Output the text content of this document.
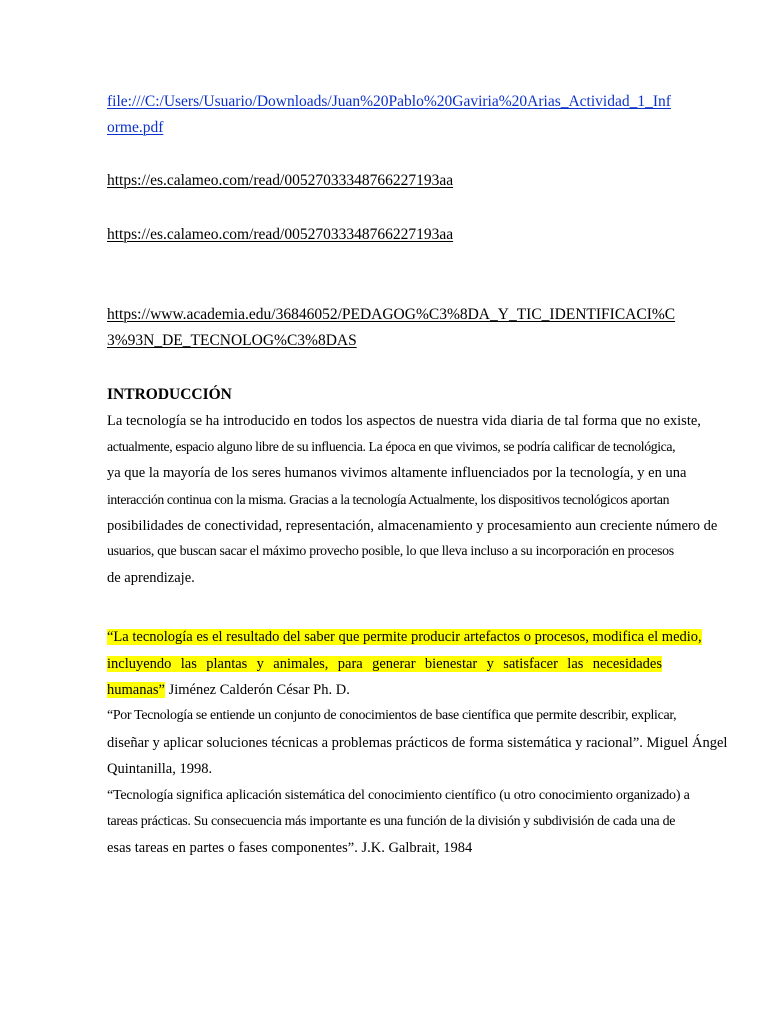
file:///C:/Users/Usuario/Downloads/Juan%20Pablo%20Gaviria%20Arias_Actividad_1_Inf
orme.pdf
https://es.calameo.com/read/00527033348766227193aa
https://es.calameo.com/read/00527033348766227193aa
https://www.academia.edu/36846052/PEDAGOG%C3%8DA_Y_TIC_IDENTIFICACI%C
3%93N_DE_TECNOLOG%C3%8DAS
INTRODUCCIÓN
La tecnología se ha introducido en todos los aspectos de nuestra vida diaria de tal forma que no existe,
actualmente, espacio alguno libre de su influencia. La época en que vivimos, se podría calificar de tecnológica,
ya que la mayoría de los seres humanos vivimos altamente influenciados por la tecnología, y en una
interacción continua con la misma. Gracias a la tecnología Actualmente, los dispositivos tecnológicos aportan
posibilidades de conectividad, representación, almacenamiento y procesamiento aun creciente número de
usuarios, que buscan sacar el máximo provecho posible, lo que lleva incluso a su incorporación en procesos
de aprendizaje.
“La tecnología es el resultado del saber que permite producir artefactos o procesos, modifica el medio,
incluyendo las plantas y animales, para generar bienestar y satisfacer las necesidades
humanas” Jiménez Calderón César Ph. D.
“Por Tecnología se entiende un conjunto de conocimientos de base científica que permite describir, explicar,
diseñar y aplicar soluciones técnicas a problemas prácticos de forma sistemática y racional”. Miguel Ángel
Quintanilla, 1998.
“Tecnología significa aplicación sistemática del conocimiento científico (u otro conocimiento organizado) a
tareas prácticas. Su consecuencia más importante es una función de la división y subdivisión de cada una de
esas tareas en partes o fases componentes”. J.K. Galbrait, 1984
